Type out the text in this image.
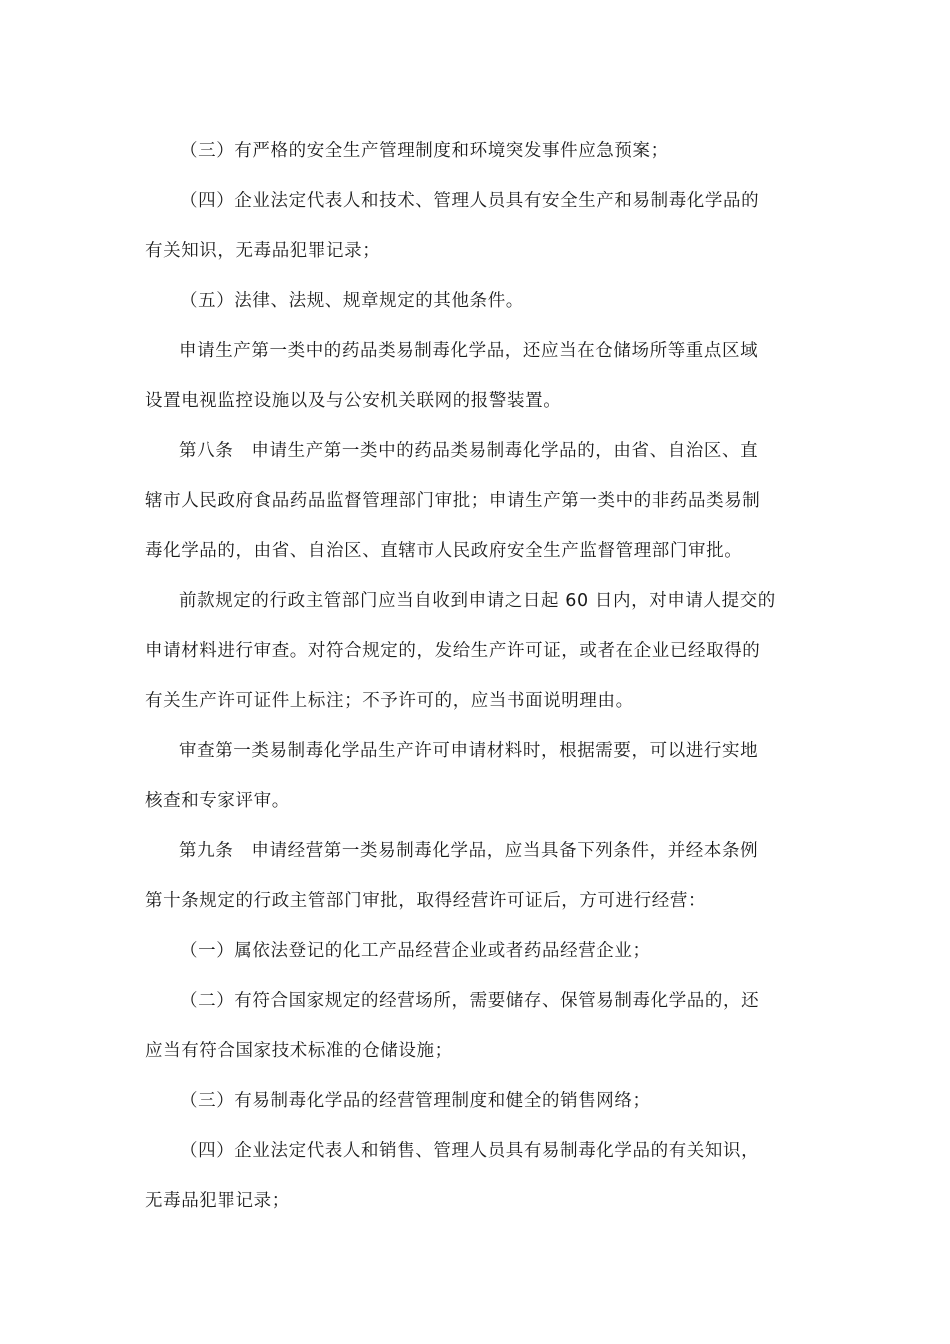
（三）有严格的安全生产管理制度和环境突发事件应急预案；
（四）企业法定代表人和技术、管理人员具有安全生产和易制毒化学品的
有关知识，无毒品犯罪记录；
（五）法律、法规、规章规定的其他条件。
申请生产第一类中的药品类易制毒化学品，还应当在仓储场所等重点区域
设置电视监控设施以及与公安机关联网的报警装置。
第八条　申请生产第一类中的药品类易制毒化学品的，由省、自治区、直
辖市人民政府食品药品监督管理部门审批；申请生产第一类中的非药品类易制
毒化学品的，由省、自治区、直辖市人民政府安全生产监督管理部门审批。
前款规定的行政主管部门应当自收到申请之日起 60 日内，对申请人提交的
申请材料进行审查。对符合规定的，发给生产许可证，或者在企业已经取得的
有关生产许可证件上标注；不予许可的，应当书面说明理由。
审查第一类易制毒化学品生产许可申请材料时，根据需要，可以进行实地
核查和专家评审。
第九条　申请经营第一类易制毒化学品，应当具备下列条件，并经本条例
第十条规定的行政主管部门审批，取得经营许可证后，方可进行经营：
（一）属依法登记的化工产品经营企业或者药品经营企业；
（二）有符合国家规定的经营场所，需要储存、保管易制毒化学品的，还
应当有符合国家技术标准的仓储设施；
（三）有易制毒化学品的经营管理制度和健全的销售网络；
（四）企业法定代表人和销售、管理人员具有易制毒化学品的有关知识，
无毒品犯罪记录；
